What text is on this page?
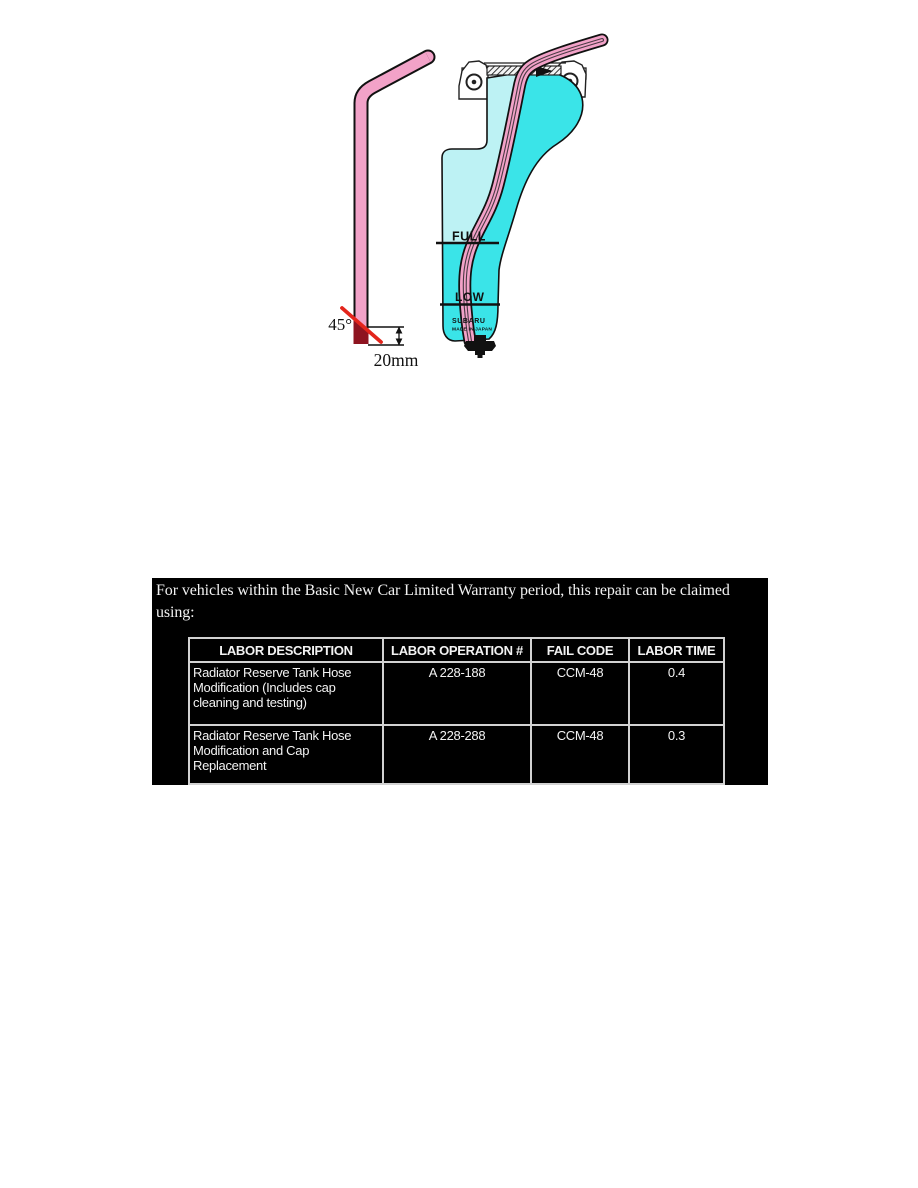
FULL
LOW
SUBARU
MADE IN JAPAN
45°
20mm

For vehicles within the Basic New Car Limited Warranty period, this repair can be claimed using:

LABOR DESCRIPTION	LABOR OPERATION #	FAIL CODE	LABOR TIME
Radiator Reserve Tank Hose Modification (Includes cap cleaning and testing)	A 228-188	CCM-48	0.4
Radiator Reserve Tank Hose Modification and Cap Replacement	A 228-288	CCM-48	0.3
